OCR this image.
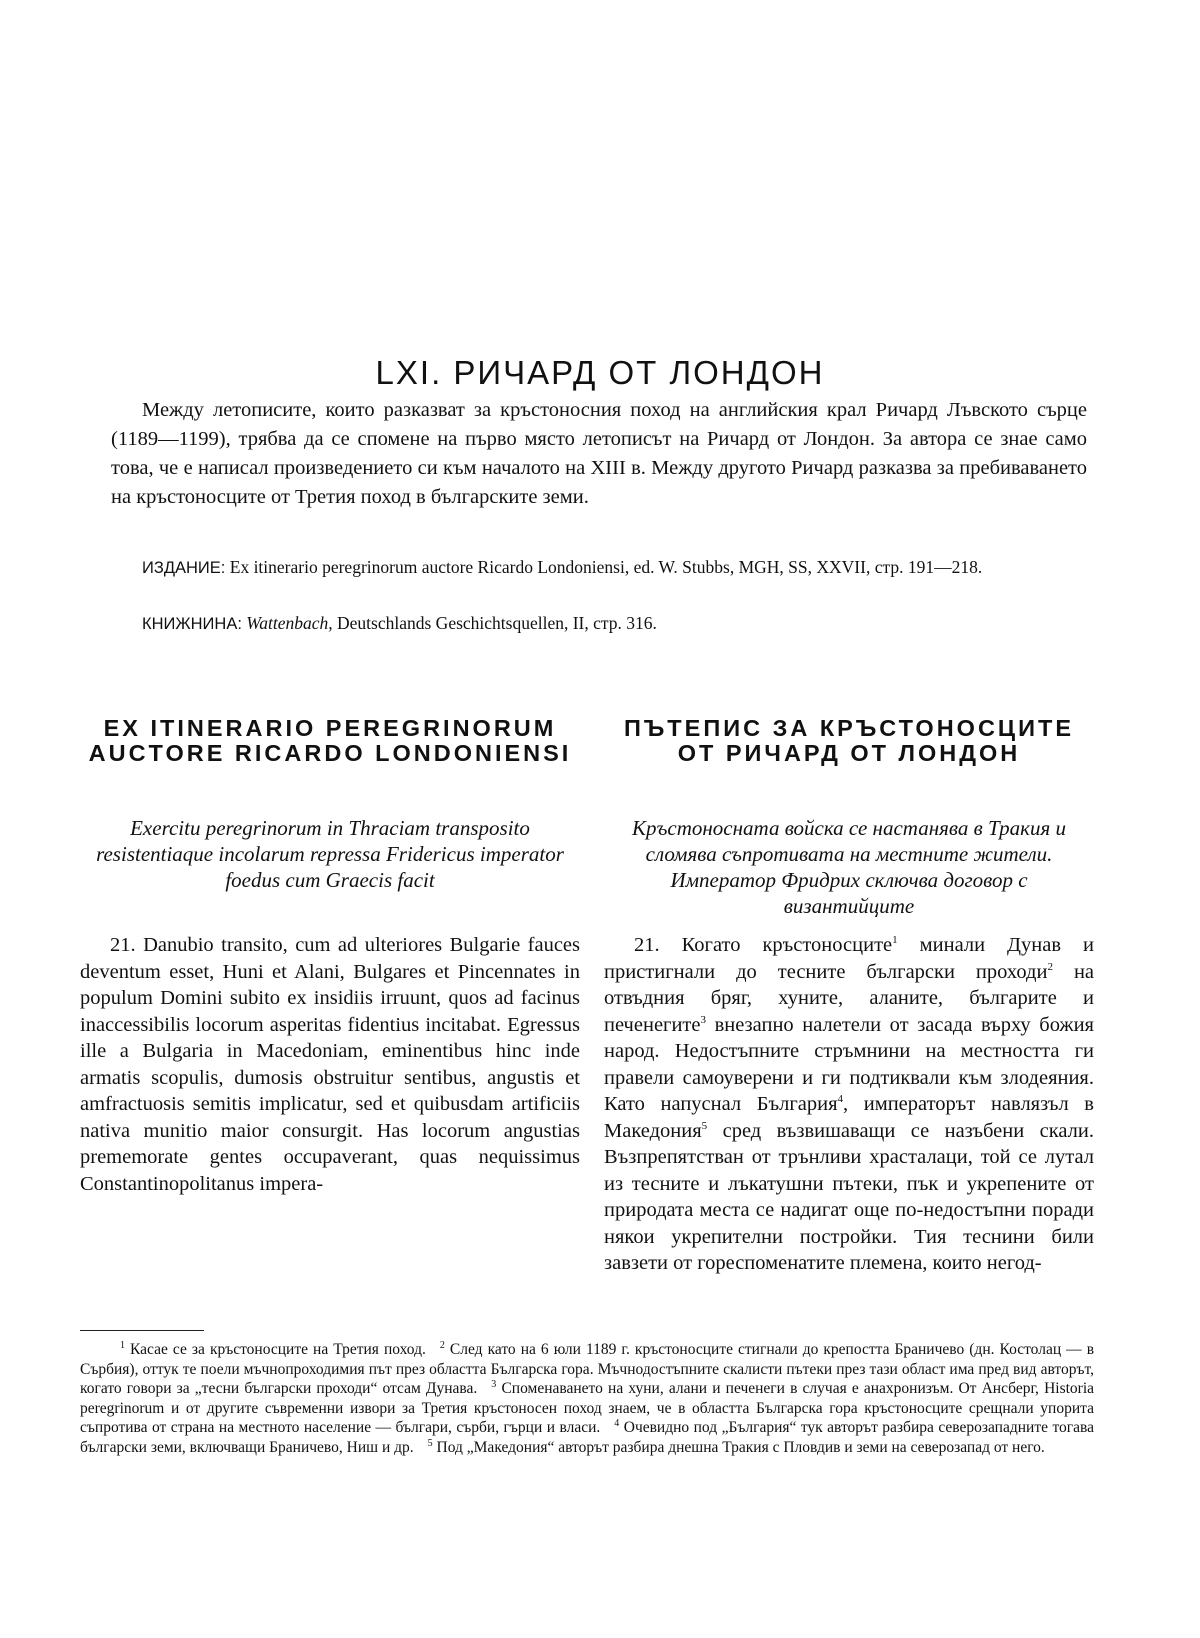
LXI. РИЧАРД ОТ ЛОНДОН

Между летописите, които разказват за кръстоносния поход на английския крал Ричард Лъвското сърце (1189—1199), трябва да се спомене на първо място летописът на Ричард от Лондон. За автора се знае само това, че е написал произведението си към началото на XIII в. Между другото Ричард разказва за пребиваването на кръстоносците от Третия поход в българските земи.

ИЗДАНИЕ: Ex itinerario peregrinorum auctore Ricardo Londoniensi, ed. W. Stubbs, MGH, SS, XXVII, стр. 191—218.

КНИЖНИНА: Wattenbach, Deutschlands Geschichtsquellen, II, стр. 316.

EX ITINERARIO PEREGRINORUM AUCTORE RICARDO LONDONIENSI
ПЪТЕПИС ЗА КРЪСТОНОСЦИТЕ ОТ РИЧАРД ОТ ЛОНДОН

Exercitu peregrinorum in Thraciam transposito resistentiaque incolarum repressa Fridericus imperator foedus cum Graecis facit

Кръстоносната войска се настанява в Тракия и сломява съпротивата на местните жители. Император Фридрих сключва договор с византийците

21. Danubio transito, cum ad ulteriores Bulgarie fauces deventum esset, Huni et Alani, Bulgares et Pincennates in populum Domini subito ex insidiis irruunt, quos ad facinus inaccessibilis locorum asperitas fidentius incitabat. Egressus ille a Bulgaria in Macedoniam, eminentibus hinc inde armatis scopulis, dumosis obstruitur sentibus, angustis et amfractuosis semitis implicatur, sed et quibusdam artificiis nativa munitio maior consurgit. Has locorum angustias prememorate gentes occupaverant, quas nequissimus Constantinopolitanus impera-

21. Когато кръстоносците$^1$ минали Дунав и пристигнали до тесните български проходи$^2$ на отвъдния бряг, хуните, аланите, българите и печенегите$^3$ внезапно налетели от засада върху божия народ. Недостъпните стръмнини на местността ги правели самоуверени и ги подтиквали към злодеяния. Като напуснал България$^4$, императорът навлязъл в Македония$^5$ сред възвишаващи се назъбени скали. Възпрепятстван от трънливи храсталаци, той се лутал из тесните и лъкатушни пътеки, пък и укрепените от природата места се надигат още по-недостъпни поради някои укрепителни постройки. Тия теснини били завзети от гореспоменатите племена, които негод-

$^1$ Касае се за кръстоносците на Третия поход. $^2$ След като на 6 юли 1189 г. кръстоносците стигнали до крепостта Браничево (дн. Костолац — в Сърбия), оттук те поели мъчнопроходимия път през областта Българска гора. Мъчнодостъпните скалисти пътеки през тази област има пред вид авторът, когато говори за „тесни български проходи“ отсам Дунава. $^3$ Споменаването на хуни, алани и печенеги в случая е анахронизъм. От Ансберг, Historia peregrinorum и от другите съвременни извори за Третия кръстоносен поход знаем, че в областта Българска гора кръстоносците срещнали упорита съпротива от страна на местното население — българи, сърби, гърци и власи. $^4$ Очевидно под „България“ тук авторът разбира северозападните тогава български земи, включващи Браничево, Ниш и др. $^5$ Под „Македония“ авторът разбира днешна Тракия с Пловдив и земи на северозапад от него.
